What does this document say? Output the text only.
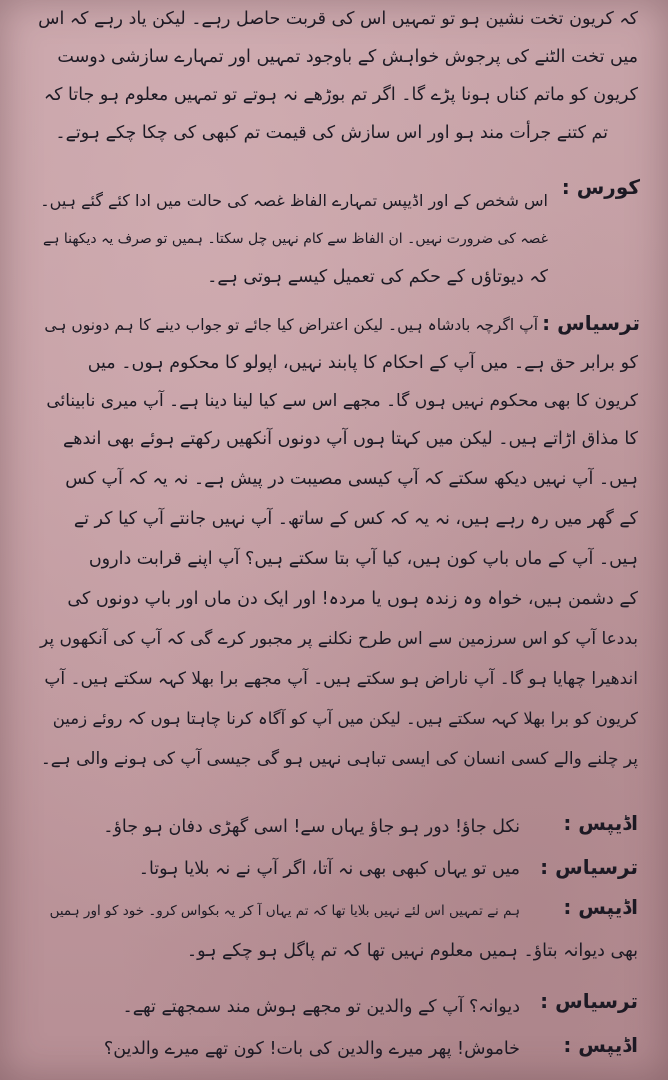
کہ کریون تخت نشین ہو تو تمہیں اس کی قربت حاصل رہے۔ لیکن یاد رہے کہ اس
میں تخت الٹنے کی پرجوش خواہش کے باوجود تمہیں اور تمہارے سازشی دوست
کریون کو ماتم کناں ہونا پڑے گا۔ اگر تم بوڑھے نہ ہوتے تو تمہیں معلوم ہو جاتا کہ
تم کتنے جرأت مند ہو اور اس سازش کی قیمت تم کبھی کی چکا چکے ہوتے۔
کورس :
اس شخص کے اور اڈیپس تمہارے الفاظ غصہ کی حالت میں ادا کئے گئے ہیں۔
غصہ کی ضرورت نہیں۔ ان الفاظ سے کام نہیں چل سکتا۔ ہمیں تو صرف یہ دیکھنا ہے
کہ دیوتاؤں کے حکم کی تعمیل کیسے ہوتی ہے۔
ترسیاس :
آپ اگرچہ بادشاہ ہیں۔ لیکن اعتراض کیا جائے تو جواب دینے کا ہم دونوں ہی
کو برابر حق ہے۔ میں آپ کے احکام کا پابند نہیں، اپولو کا محکوم ہوں۔ میں
کریون کا بھی محکوم نہیں ہوں گا۔ مجھے اس سے کیا لینا دینا ہے۔ آپ میری نابینائی
کا مذاق اڑاتے ہیں۔ لیکن میں کہتا ہوں آپ دونوں آنکھیں رکھتے ہوئے بھی اندھے
ہیں۔ آپ نہیں دیکھ سکتے کہ آپ کیسی مصیبت در پیش ہے۔ نہ یہ کہ آپ کس
کے گھر میں رہ رہے ہیں، نہ یہ کہ کس کے ساتھ۔ آپ نہیں جانتے آپ کیا کر تے
ہیں۔ آپ کے ماں باپ کون ہیں، کیا آپ بتا سکتے ہیں؟ آپ اپنے قرابت داروں
کے دشمن ہیں، خواہ وہ زندہ ہوں یا مردہ! اور ایک دن ماں اور باپ دونوں کی
بددعا آپ کو اس سرزمین سے اس طرح نکلنے پر مجبور کرے گی کہ آپ کی آنکھوں پر
اندھیرا چھایا ہو گا۔ آپ ناراض ہو سکتے ہیں۔ آپ مجھے برا بھلا کہہ سکتے ہیں۔ آپ
کریون کو برا بھلا کہہ سکتے ہیں۔ لیکن میں آپ کو آگاہ کرنا چاہتا ہوں کہ روئے زمین
پر چلنے والے کسی انسان کی ایسی تباہی نہیں ہو گی جیسی آپ کی ہونے والی ہے۔
اڈیپس :
نکل جاؤ! دور ہو جاؤ یہاں سے! اسی گھڑی دفان ہو جاؤ۔
ترسیاس :
میں تو یہاں کبھی بھی نہ آتا، اگر آپ نے نہ بلایا ہوتا۔
اڈیپس :
ہم نے تمہیں اس لئے نہیں بلایا تھا کہ تم یہاں آ کر یہ بکواس کرو۔ خود کو اور ہمیں
بھی دیوانہ بتاؤ۔ ہمیں معلوم نہیں تھا کہ تم پاگل ہو چکے ہو۔
ترسیاس :
دیوانہ؟ آپ کے والدین تو مجھے ہوش مند سمجھتے تھے۔
اڈیپس :
خاموش! پھر میرے والدین کی بات! کون تھے میرے والدین؟
